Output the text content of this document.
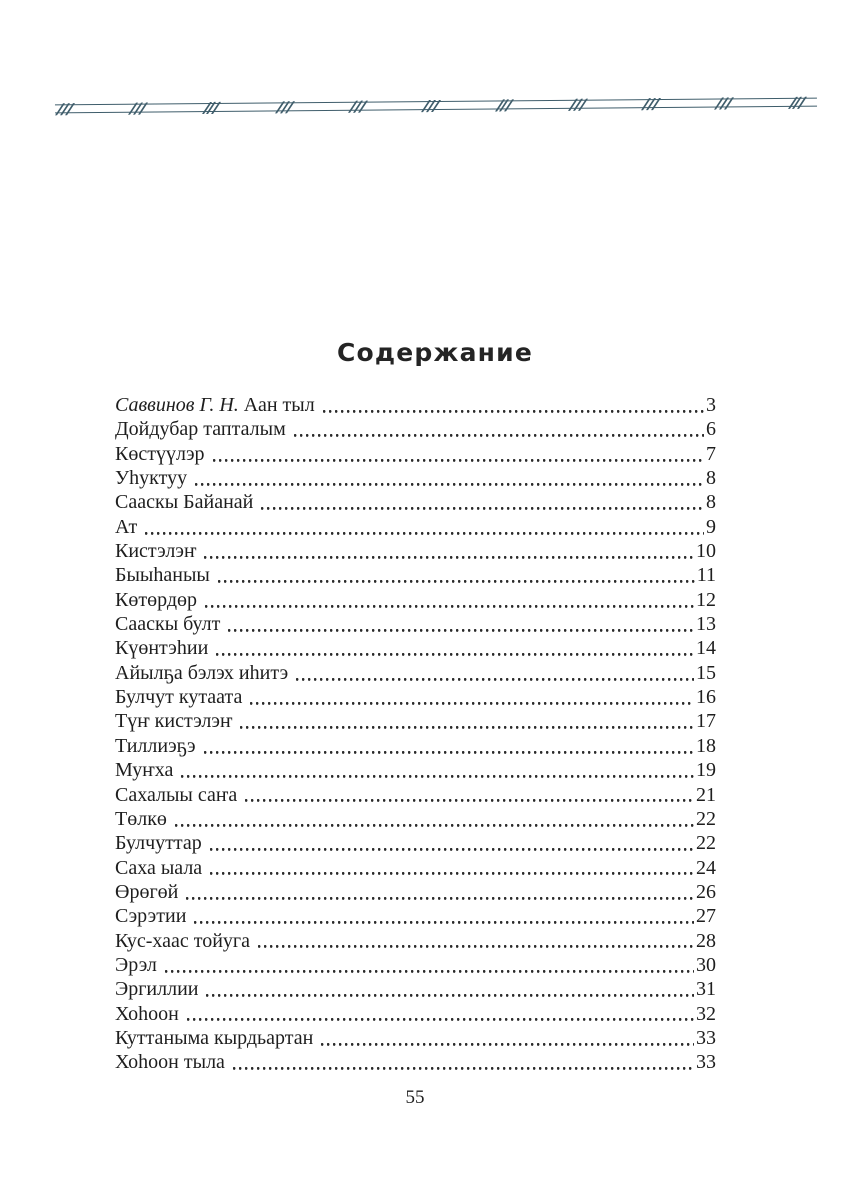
Содержание
Саввинов Г. Н. Аан тыл	3
Дойдубар тапталым	6
Көстүүлэр	7
Уһуктуу	8
Сааскы Байанай	8
Ат	9
Кистэлэҥ	10
Быыһаныы	11
Көтөрдөр	12
Сааскы булт	13
Күөнтэһии	14
Айылҕа бэлэх иһитэ	15
Булчут кутаата	16
Түҥ кистэлэҥ	17
Тиллиэҕэ	18
Муҥха	19
Сахалыы саҥа	21
Төлкө	22
Булчуттар	22
Саха ыала	24
Өрөгөй	26
Сэрэтии	27
Кус-хаас тойуга	28
Эрэл	30
Эргиллии	31
Хоһоон	32
Куттаныма кырдьартан	33
Хоһоон тыла	33
55
